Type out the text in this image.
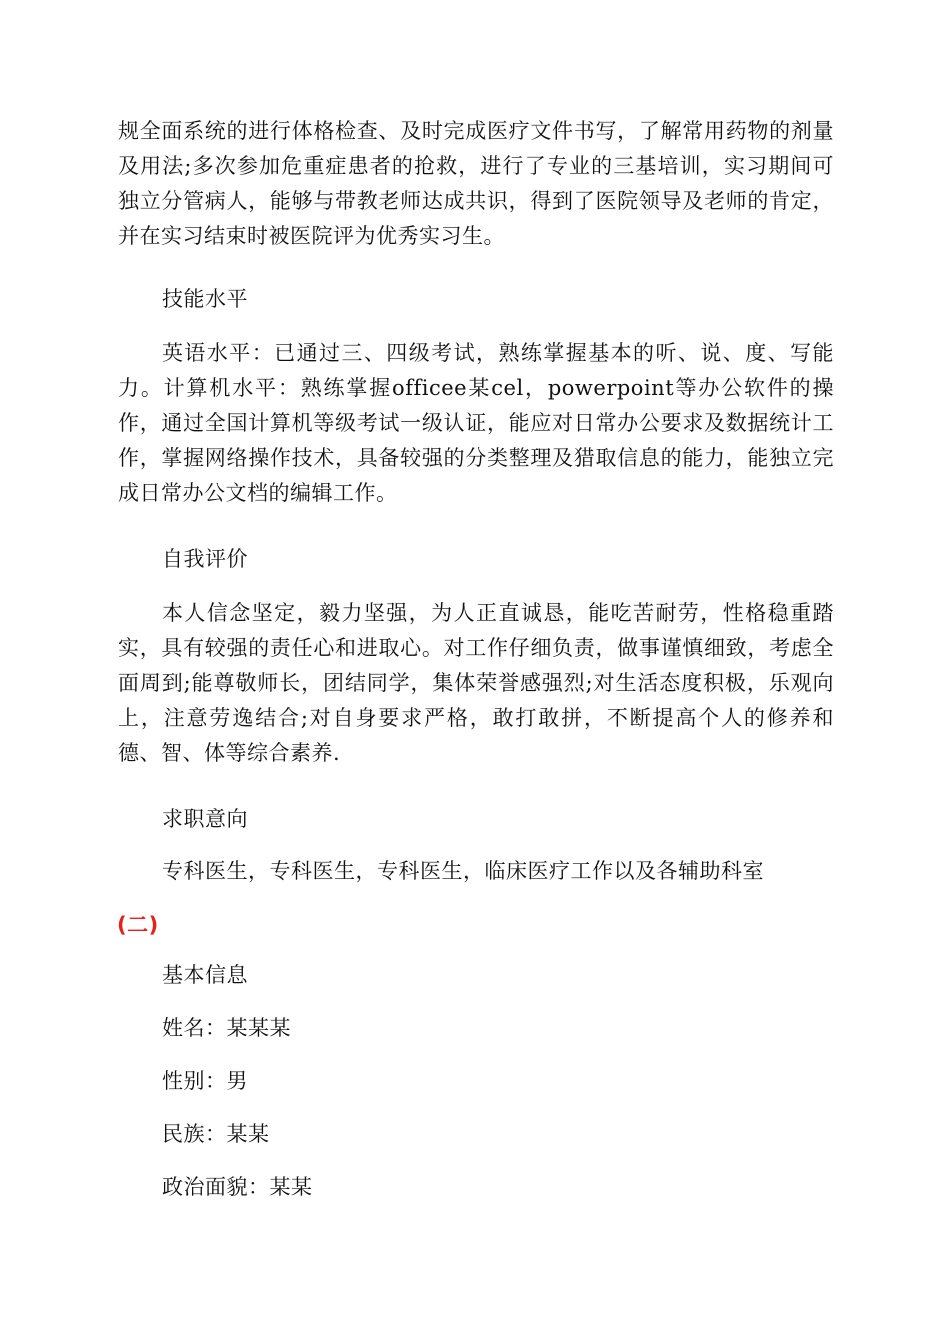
规全面系统的进行体格检查、及时完成医疗文件书写，了解常用药物的剂量及用法;多次参加危重症患者的抢救，进行了专业的三基培训，实习期间可独立分管病人，能够与带教老师达成共识，得到了医院领导及老师的肯定，并在实习结束时被医院评为优秀实习生。

技能水平

英语水平：已通过三、四级考试，熟练掌握基本的听、说、度、写能力。计算机水平：熟练掌握officee某cel，powerpoint等办公软件的操作，通过全国计算机等级考试一级认证，能应对日常办公要求及数据统计工作，掌握网络操作技术，具备较强的分类整理及猎取信息的能力，能独立完成日常办公文档的编辑工作。

自我评价

本人信念坚定，毅力坚强，为人正直诚恳，能吃苦耐劳，性格稳重踏实，具有较强的责任心和进取心。对工作仔细负责，做事谨慎细致，考虑全面周到;能尊敬师长，团结同学，集体荣誉感强烈;对生活态度积极，乐观向上，注意劳逸结合;对自身要求严格，敢打敢拼，不断提高个人的修养和德、智、体等综合素养.

求职意向

专科医生，专科医生，专科医生，临床医疗工作以及各辅助科室

(二)

基本信息

姓名：某某某

性别：男

民族：某某

政治面貌：某某
